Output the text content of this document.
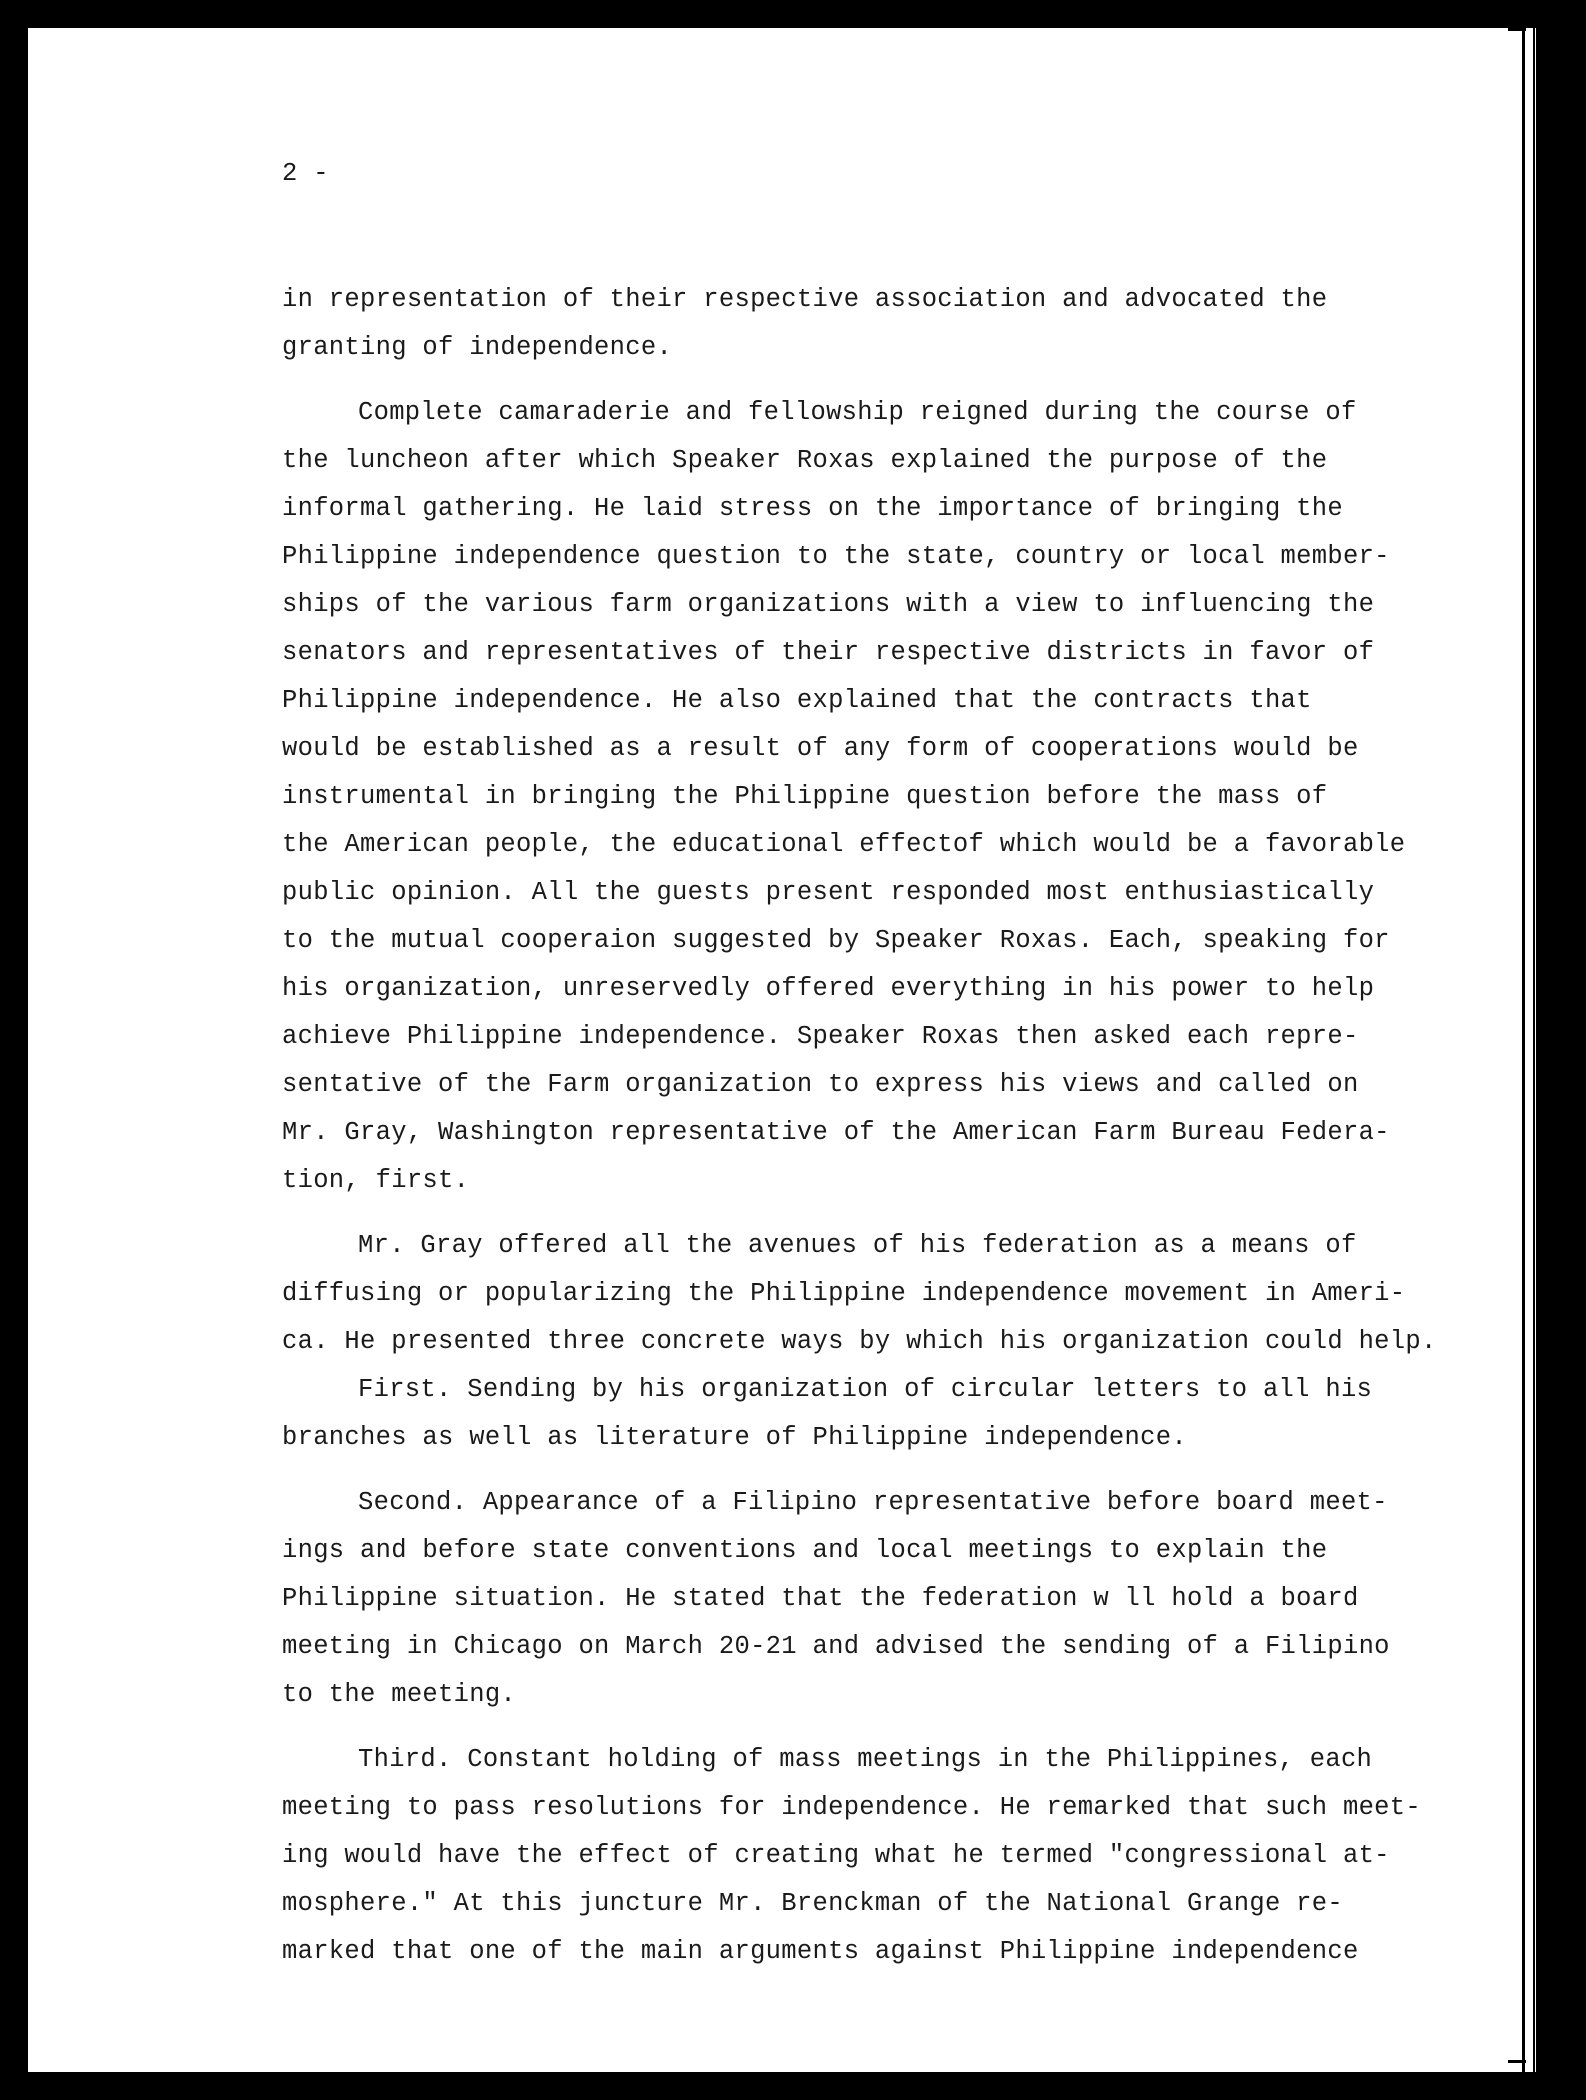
2 -
in representation of their respective association and advocated the
granting of independence.
Complete camaraderie and fellowship reigned during the course of
the luncheon after which Speaker Roxas explained the purpose of the
informal gathering. He laid stress on the importance of bringing the
Philippine independence question to the state, country or local member-
ships of the various farm organizations with a view to influencing the
senators and representatives of their respective districts in favor of
Philippine independence. He also explained that the contracts that
would be established as a result of any form of cooperations would be
instrumental in bringing the Philippine question before the mass of
the American people, the educational effectof which would be a favorable
public opinion. All the guests present responded most enthusiastically
to the mutual cooperaion suggested by Speaker Roxas. Each, speaking for
his organization, unreservedly offered everything in his power to help
achieve Philippine independence. Speaker Roxas then asked each repre-
sentative of the Farm organization to express his views and called on
Mr. Gray, Washington representative of the American Farm Bureau Federa-
tion, first.
Mr. Gray offered all the avenues of his federation as a means of
diffusing or popularizing the Philippine independence movement in Ameri-
ca. He presented three concrete ways by which his organization could help.
First. Sending by his organization of circular letters to all his
branches as well as literature of Philippine independence.
Second. Appearance of a Filipino representative before board meet-
ings and before state conventions and local meetings to explain the
Philippine situation. He stated that the federation w ll hold a board
meeting in Chicago on March 20-21 and advised the sending of a Filipino
to the meeting.
Third. Constant holding of mass meetings in the Philippines, each
meeting to pass resolutions for independence. He remarked that such meet-
ing would have the effect of creating what he termed "congressional at-
mosphere." At this juncture Mr. Brenckman of the National Grange re-
marked that one of the main arguments against Philippine independence
